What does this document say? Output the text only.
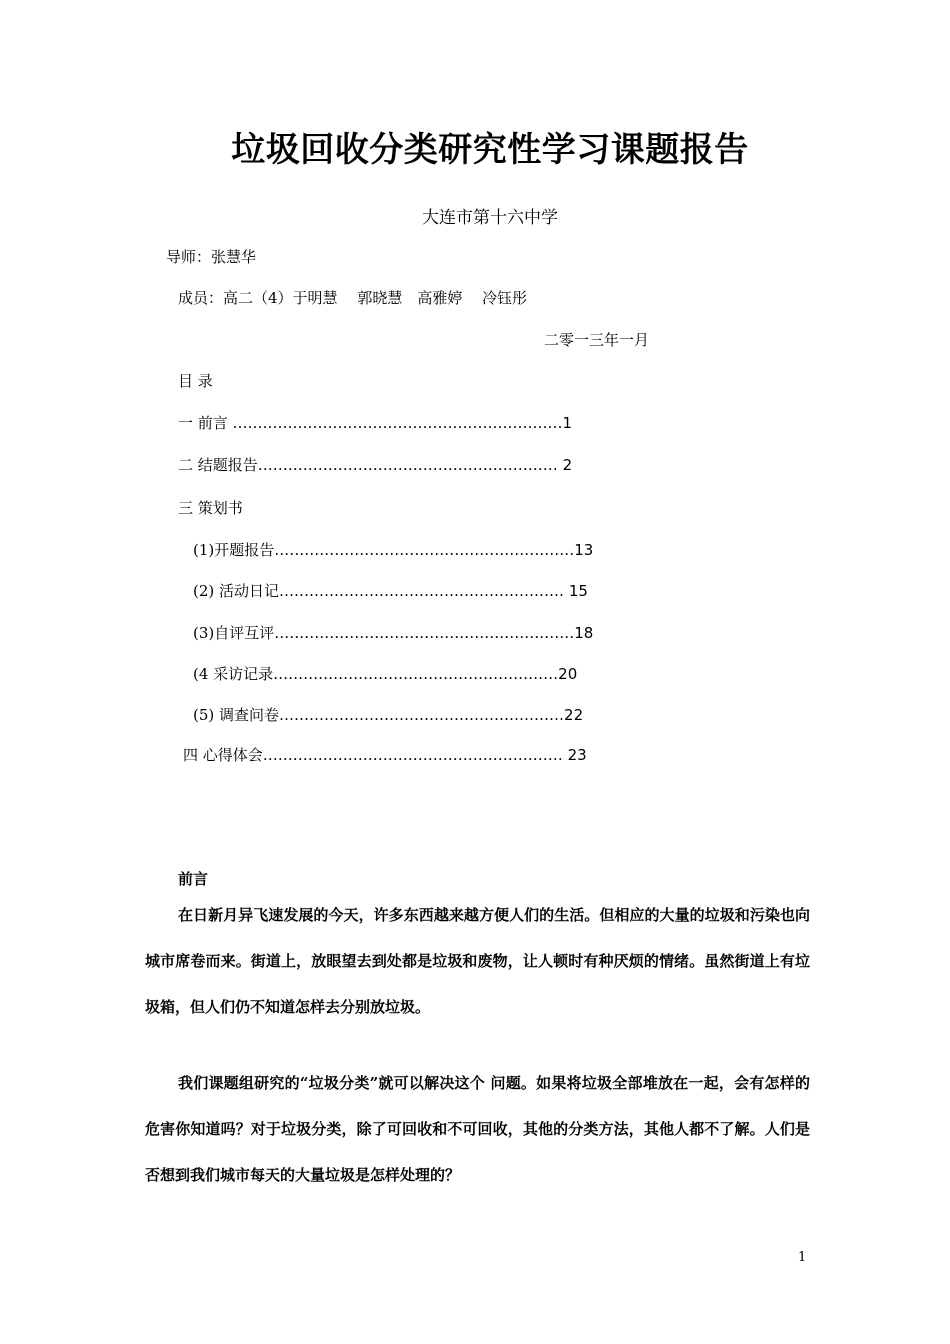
垃圾回收分类研究性学习课题报告
大连市第十六中学
导师：张慧华
成员：高二（4）于明慧　 郭晓慧　高雅婷　 冷钰彤
二零一三年一月
目 录
一 前言 …………………………………………………………1
二 结题报告…………………………………………………… 2
三 策划书
(1)开题报告……………………………………………………13
(2) 活动日记………………………………………………… 15
(3)自评互评……………………………………………………18
(4 采访记录…………………………………………………20
(5) 调查问卷…………………………………………………22
四 心得体会…………………………………………………… 23
前言

在日新月异飞速发展的今天，许多东西越来越方便人们的生活。但相应的大量的垃圾和污染也向城市席卷而来。街道上，放眼望去到处都是垃圾和废物，让人顿时有种厌烦的情绪。虽然街道上有垃圾箱，但人们仍不知道怎样去分别放垃圾。

我们课题组研究的“垃圾分类”就可以解决这个 问题。如果将垃圾全部堆放在一起，会有怎样的危害你知道吗？对于垃圾分类，除了可回收和不可回收，其他的分类方法，其他人都不了解。人们是否想到我们城市每天的大量垃圾是怎样处理的？

1
